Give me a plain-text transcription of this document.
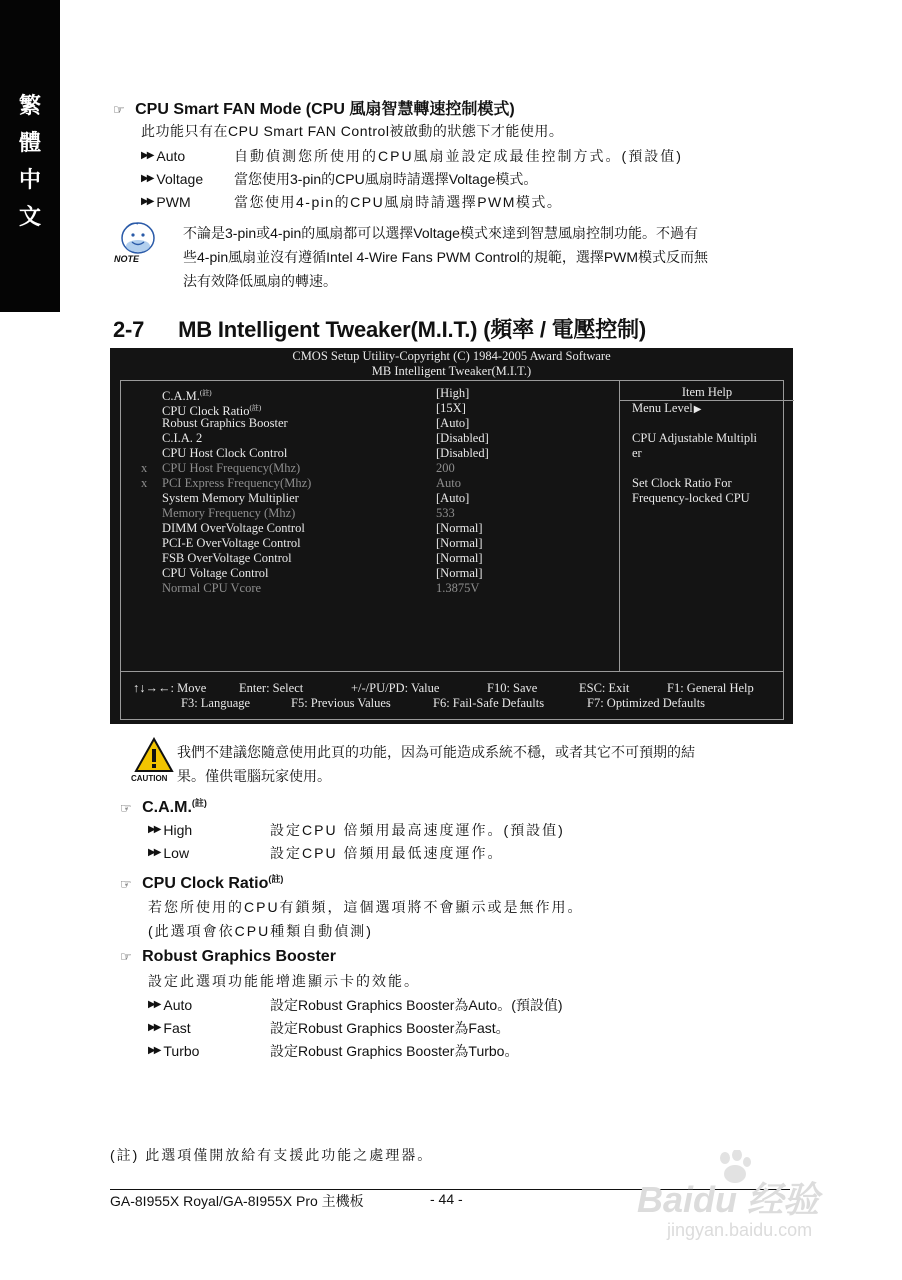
繁
體
中
文
☞ CPU Smart FAN Mode (CPU 風扇智慧轉速控制模式)
此功能只有在CPU Smart FAN Control被啟動的狀態下才能使用。
▶▶ Auto	自動偵測您所使用的CPU風扇並設定成最佳控制方式。(預設值)
▶▶ Voltage 當您使用3-pin的CPU風扇時請選擇Voltage模式。
▶▶ PWM	當您使用4-pin的CPU風扇時請選擇PWM模式。
NOTE
不論是3-pin或4-pin的風扇都可以選擇Voltage模式來達到智慧風扇控制功能。不過有
些4-pin風扇並沒有遵循Intel 4-Wire Fans PWM Control的規範，選擇PWM模式反而無
法有效降低風扇的轉速。
2-7 MB Intelligent Tweaker(M.I.T.) (頻率 / 電壓控制)
CMOS Setup Utility-Copyright (C) 1984-2005 Award Software
MB Intelligent Tweaker(M.I.T.)
C.A.M.$^{(註)}$	[High]
CPU Clock Ratio$^{(註)}$	[15X]
Robust Graphics Booster	[Auto]
C.I.A. 2	[Disabled]
CPU Host Clock Control	[Disabled]
x	CPU Host Frequency(Mhz)	200
x	PCI Express Frequency(Mhz)	Auto
System Memory Multiplier	[Auto]
Memory Frequency (Mhz)	533
DIMM OverVoltage Control	[Normal]
PCI-E OverVoltage Control	[Normal]
FSB OverVoltage Control	[Normal]
CPU Voltage Control	[Normal]
Normal CPU Vcore	1.3875V
Item Help
Menu Level▶
CPU Adjustable Multipli
er
Set Clock Ratio For
Frequency-locked CPU
↑↓→←: Move	Enter: Select	+/-/PU/PD: Value	F10: Save	ESC: Exit	F1: General Help
F3: Language	F5: Previous Values	F6: Fail-Safe Defaults	F7: Optimized Defaults
CAUTION
我們不建議您隨意使用此頁的功能，因為可能造成系統不穩，或者其它不可預期的結
果。僅供電腦玩家使用。
☞ C.A.M.$^{(註)}$
▶▶ High	設定CPU 倍頻用最高速度運作。(預設值)
▶▶ Low	設定CPU 倍頻用最低速度運作。
☞ CPU Clock Ratio$^{(註)}$
若您所使用的CPU有鎖頻，這個選項將不會顯示或是無作用。
(此選項會依CPU種類自動偵測)
☞ Robust Graphics Booster
設定此選項功能能增進顯示卡的效能。
▶▶ Auto	設定Robust Graphics Booster為Auto。(預設值)
▶▶ Fast	設定Robust Graphics Booster為Fast。
▶▶ Turbo	設定Robust Graphics Booster為Turbo。
(註) 此選項僅開放給有支援此功能之處理器。
GA-8I955X Royal/GA-8I955X Pro 主機板	- 44 -	Baidu 经验
jingyan.baidu.com
